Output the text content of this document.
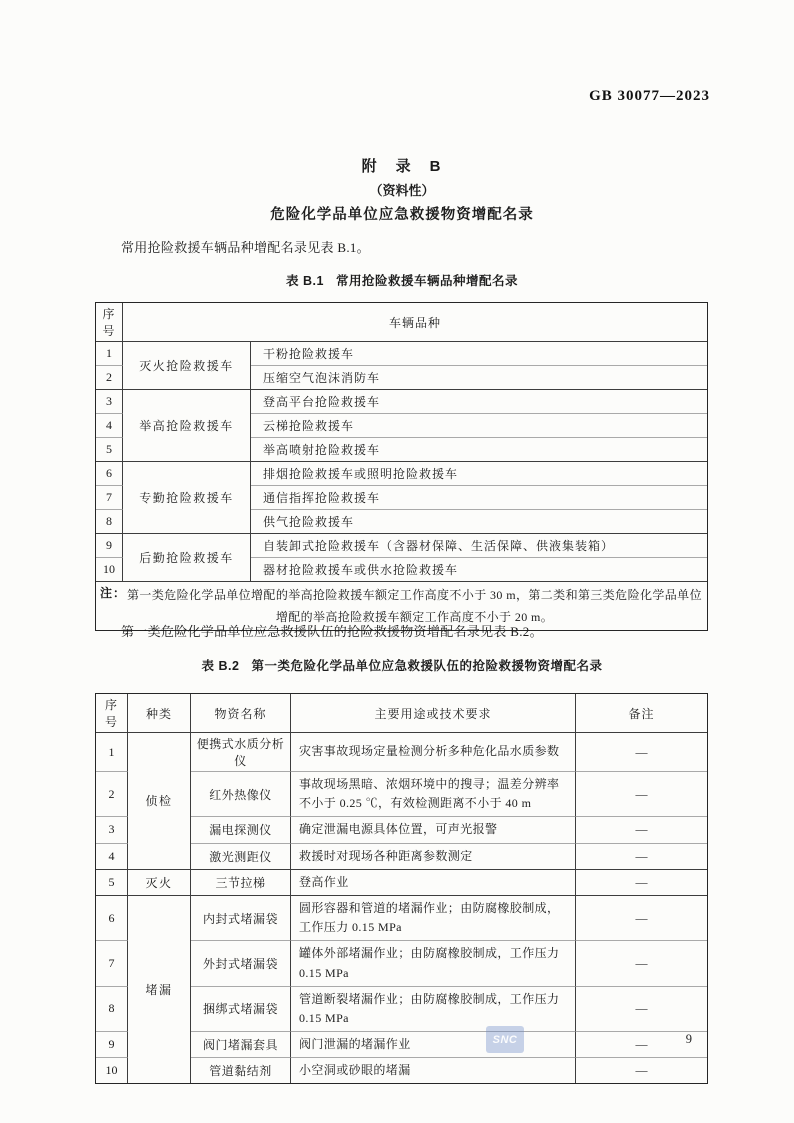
GB 30077—2023
附　录　B
（资料性）
危险化学品单位应急救援物资增配名录

常用抢险救援车辆品种增配名录见表 B.1。

表 B.1 常用抢险救援车辆品种增配名录
序号	车辆品种	
1	灭火抢险救援车	干粉抢险救援车
2		压缩空气泡沫消防车
3	举高抢险救援车	登高平台抢险救援车
4		云梯抢险救援车
5		举高喷射抢险救援车
6	专勤抢险救援车	排烟抢险救援车或照明抢险救援车
7		通信指挥抢险救援车
8		供气抢险救援车
9	后勤抢险救援车	自装卸式抢险救援车（含器材保障、生活保障、供液集装箱）
10		器材抢险救援车或供水抢险救援车

注： 第一类危险化学品单位增配的举高抢险救援车额定工作高度不小于 30 m，第二类和第三类危险化学品单位增配的举高抢险救援车额定工作高度不小于 20 m。		

第一类危险化学品单位应急救援队伍的抢险救援物资增配名录见表 B.2。

表 B.2 第一类危险化学品单位应急救援队伍的抢险救援物资增配名录
序号	种类	物资名称	主要用途或技术要求	备注
1	侦检	便携式水质分析仪	灾害事故现场定量检测分析多种危化品水质参数	—
2		红外热像仪	事故现场黑暗、浓烟环境中的搜寻；温差分辨率不小于 0.25 ℃，有效检测距离不小于 40 m	—
3		漏电探测仪	确定泄漏电源具体位置，可声光报警	—
4		激光测距仪	救援时对现场各种距离参数测定	—
5	灭火	三节拉梯	登高作业	—
6	堵漏	内封式堵漏袋	圆形容器和管道的堵漏作业；由防腐橡胶制成，工作压力 0.15 MPa	—
7		外封式堵漏袋	罐体外部堵漏作业；由防腐橡胶制成，工作压力 0.15 MPa	—
8		捆绑式堵漏袋	管道断裂堵漏作业；由防腐橡胶制成，工作压力 0.15 MPa	—
9		阀门堵漏套具	阀门泄漏的堵漏作业	—
10		管道黏结剂	小空洞或砂眼的堵漏	—
SNC	9
